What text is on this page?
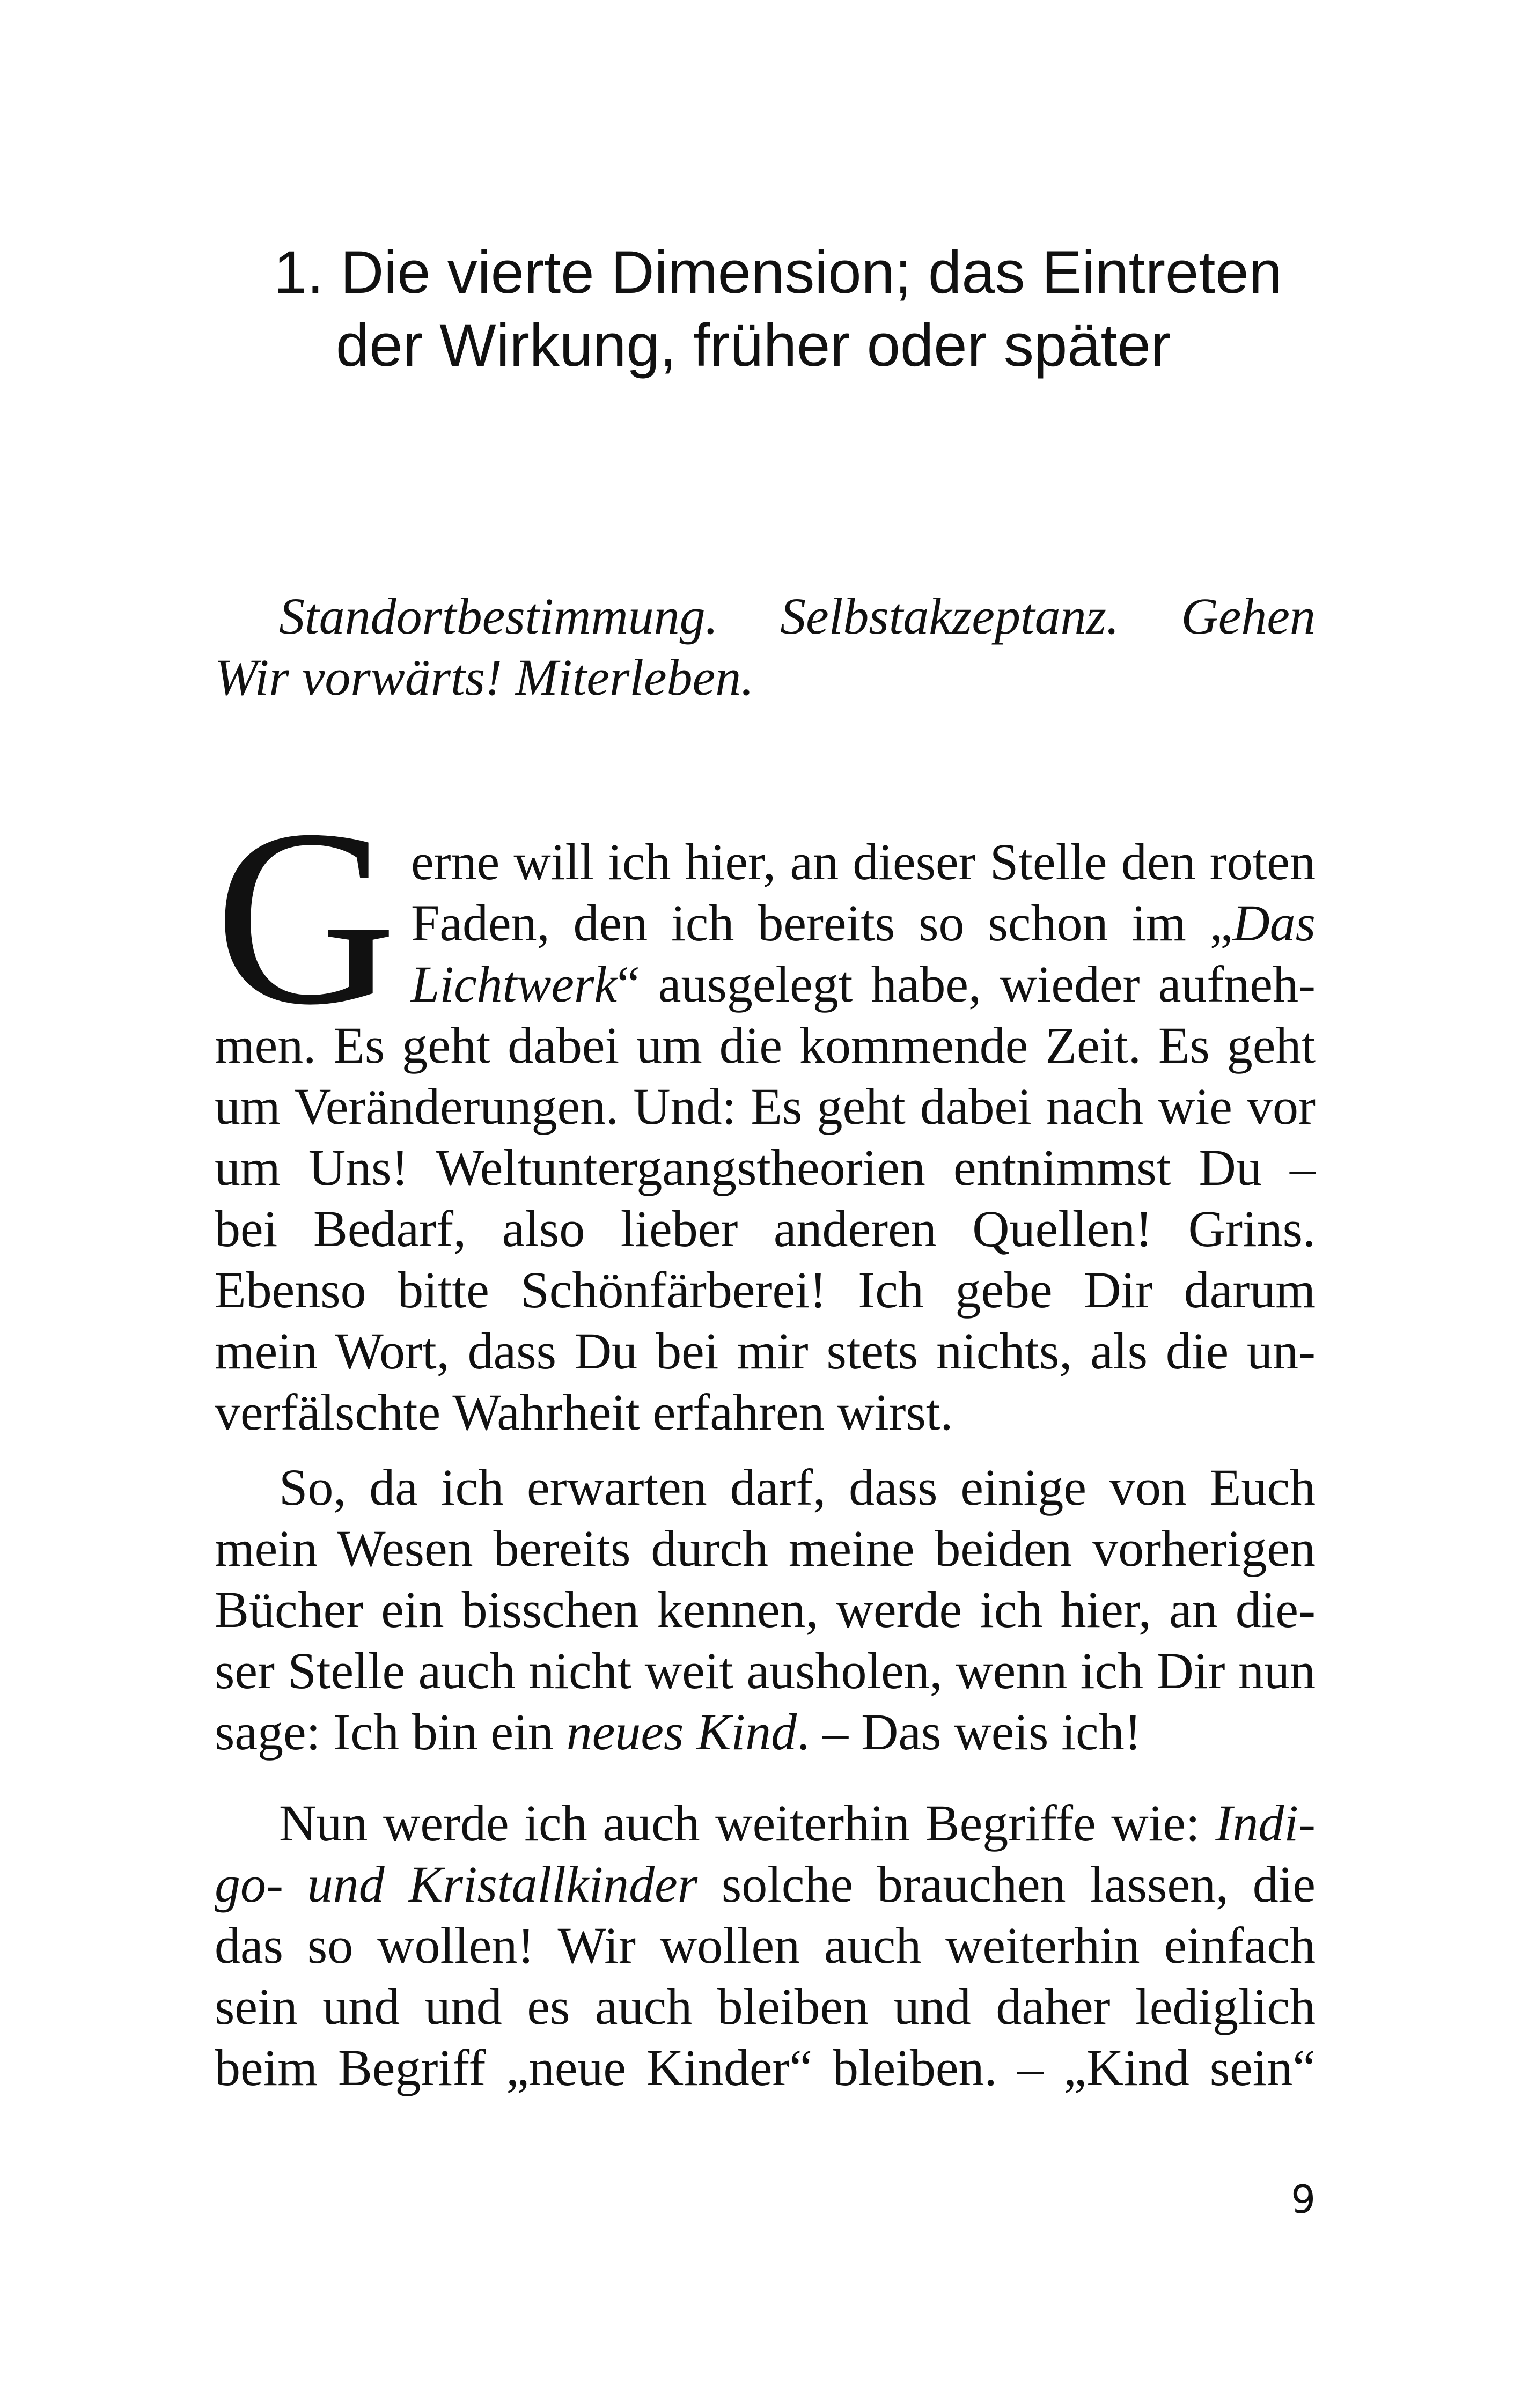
1. Die vierte Dimension; das Eintreten
der Wirkung, früher oder später
Standortbestimmung. Selbstakzeptanz. Gehen
Wir vorwärts! Miterleben.
G erne will ich hier, an dieser Stelle den roten
Faden, den ich bereits so schon im „Das
Lichtwerk“ ausgelegt habe, wieder aufneh-
men. Es geht dabei um die kommende Zeit. Es geht
um Veränderungen. Und: Es geht dabei nach wie vor
um Uns! Weltuntergangstheorien entnimmst Du –
bei Bedarf, also lieber anderen Quellen! Grins.
Ebenso bitte Schönfärberei! Ich gebe Dir darum
mein Wort, dass Du bei mir stets nichts, als die un-
verfälschte Wahrheit erfahren wirst.
So, da ich erwarten darf, dass einige von Euch
mein Wesen bereits durch meine beiden vorherigen
Bücher ein bisschen kennen, werde ich hier, an die-
ser Stelle auch nicht weit ausholen, wenn ich Dir nun
sage: Ich bin ein neues Kind. – Das weis ich!
Nun werde ich auch weiterhin Begriffe wie: Indi-
go- und Kristallkinder solche brauchen lassen, die
das so wollen! Wir wollen auch weiterhin einfach
sein und und es auch bleiben und daher lediglich
beim Begriff „neue Kinder“ bleiben. – „Kind sein“
9
